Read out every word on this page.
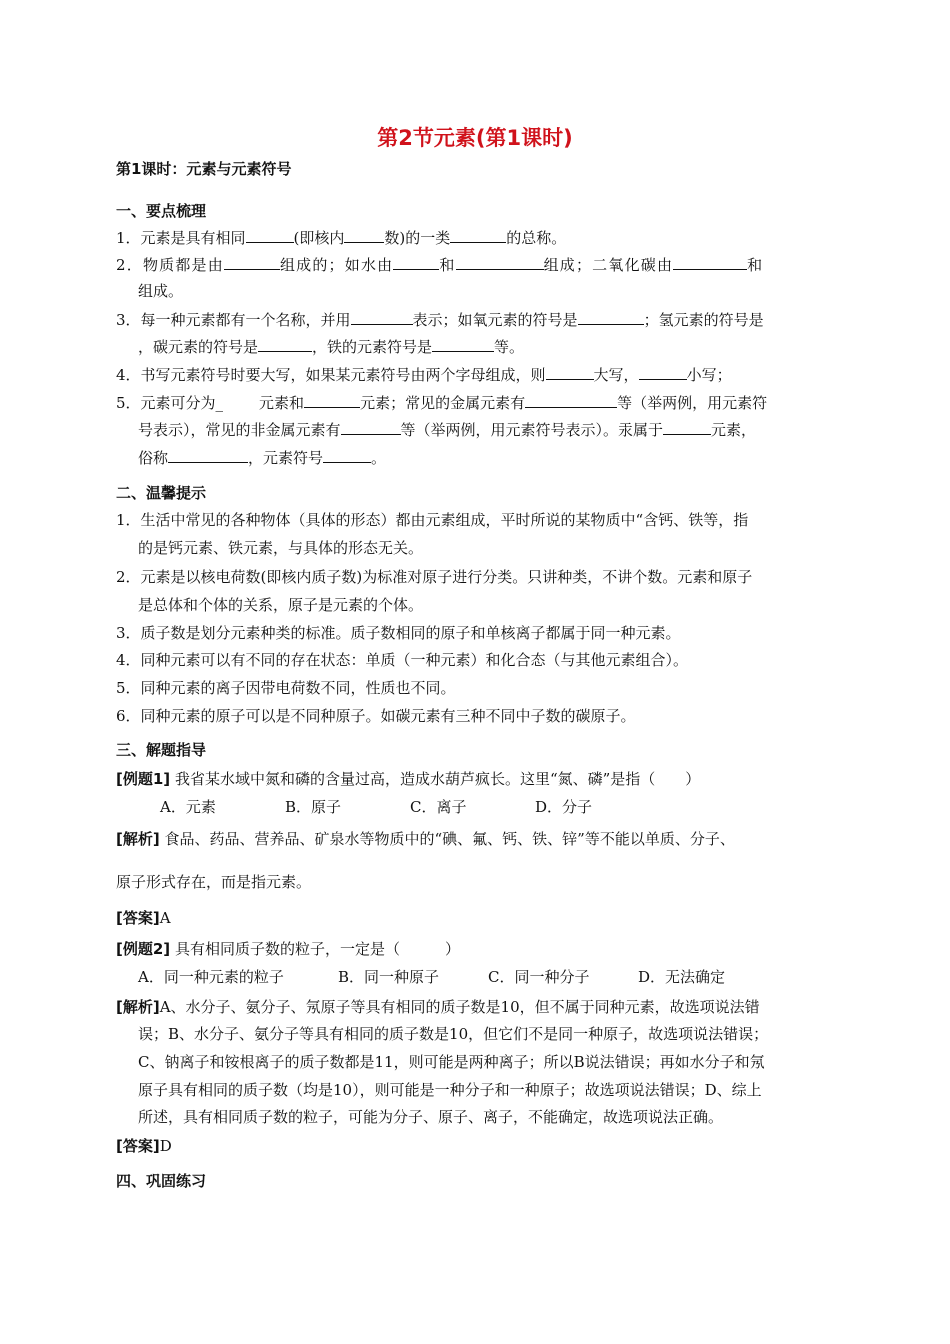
第2节元素(第1课时)
第1课时：元素与元素符号
一、要点梳理
1．元素是具有相同	(即核内	数)的一类	的总称。
2．物质都是由	组成的；如水由	和	组成；二氧化碳由	和
组成。
3．每一种元素都有一个名称，并用	表示；如氧元素的符号是	；氢元素的符号是
，碳元素的符号是	，铁的元素符号是	等。
4．书写元素符号时要大写，如果某元素符号由两个字母组成，则	大写，	小写；
5．元素可分为_ 元素和	元素；常见的金属元素有	等（举两例，用元素符
号表示），常见的非金属元素有	等（举两例，用元素符号表示）。汞属于	元素，
俗称	，元素符号	。
二、温馨提示
1．生活中常见的各种物体（具体的形态）都由元素组成，平时所说的某物质中“含钙、铁等，指
的是钙元素、铁元素，与具体的形态无关。
2．元素是以核电荷数(即核内质子数)为标准对原子进行分类。只讲种类，不讲个数。元素和原子
是总体和个体的关系，原子是元素的个体。
3．质子数是划分元素种类的标准。质子数相同的原子和单核离子都属于同一种元素。
4．同种元素可以有不同的存在状态：单质（一种元素）和化合态（与其他元素组合）。
5．同种元素的离子因带电荷数不同，性质也不同。
6．同种元素的原子可以是不同种原子。如碳元素有三种不同中子数的碳原子。
三、解题指导
[例题1] 我省某水域中氮和磷的含量过高，造成水葫芦疯长。这里“氮、磷”是指（　　）
A．元素	B．原子	C．离子	D．分子
[解析] 食品、药品、营养品、矿泉水等物质中的“碘、氟、钙、铁、锌”等不能以单质、分子、
原子形式存在，而是指元素。
[答案]A
[例题2] 具有相同质子数的粒子，一定是（　　　）
A．同一种元素的粒子	B．同一种原子	C．同一种分子	D．无法确定
[解析]A、水分子、氨分子、氖原子等具有相同的质子数是10，但不属于同种元素，故选项说法错
误；B、水分子、氨分子等具有相同的质子数是10，但它们不是同一种原子，故选项说法错误；
C、钠离子和铵根离子的质子数都是11，则可能是两种离子；所以B说法错误；再如水分子和氖
原子具有相同的质子数（均是10），则可能是一种分子和一种原子；故选项说法错误；D、综上
所述，具有相同质子数的粒子，可能为分子、原子、离子，不能确定，故选项说法正确。
[答案]D
四、巩固练习
